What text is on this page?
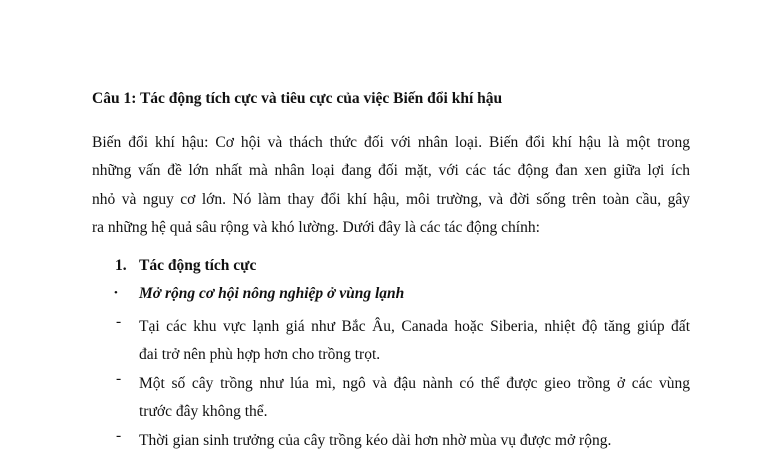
Câu 1: Tác động tích cực và tiêu cực của việc Biến đổi khí hậu
Biến đổi khí hậu: Cơ hội và thách thức đối với nhân loại. Biến đổi khí hậu là một trong
những vấn đề lớn nhất mà nhân loại đang đối mặt, với các tác động đan xen giữa lợi ích
nhỏ và nguy cơ lớn. Nó làm thay đổi khí hậu, môi trường, và đời sống trên toàn cầu, gây
ra những hệ quả sâu rộng và khó lường. Dưới đây là các tác động chính:
1. Tác động tích cực
• Mở rộng cơ hội nông nghiệp ở vùng lạnh
- Tại các khu vực lạnh giá như Bắc Âu, Canada hoặc Siberia, nhiệt độ tăng giúp đất
đai trở nên phù hợp hơn cho trồng trọt.
- Một số cây trồng như lúa mì, ngô và đậu nành có thể được gieo trồng ở các vùng
trước đây không thể.
- Thời gian sinh trưởng của cây trồng kéo dài hơn nhờ mùa vụ được mở rộng.
